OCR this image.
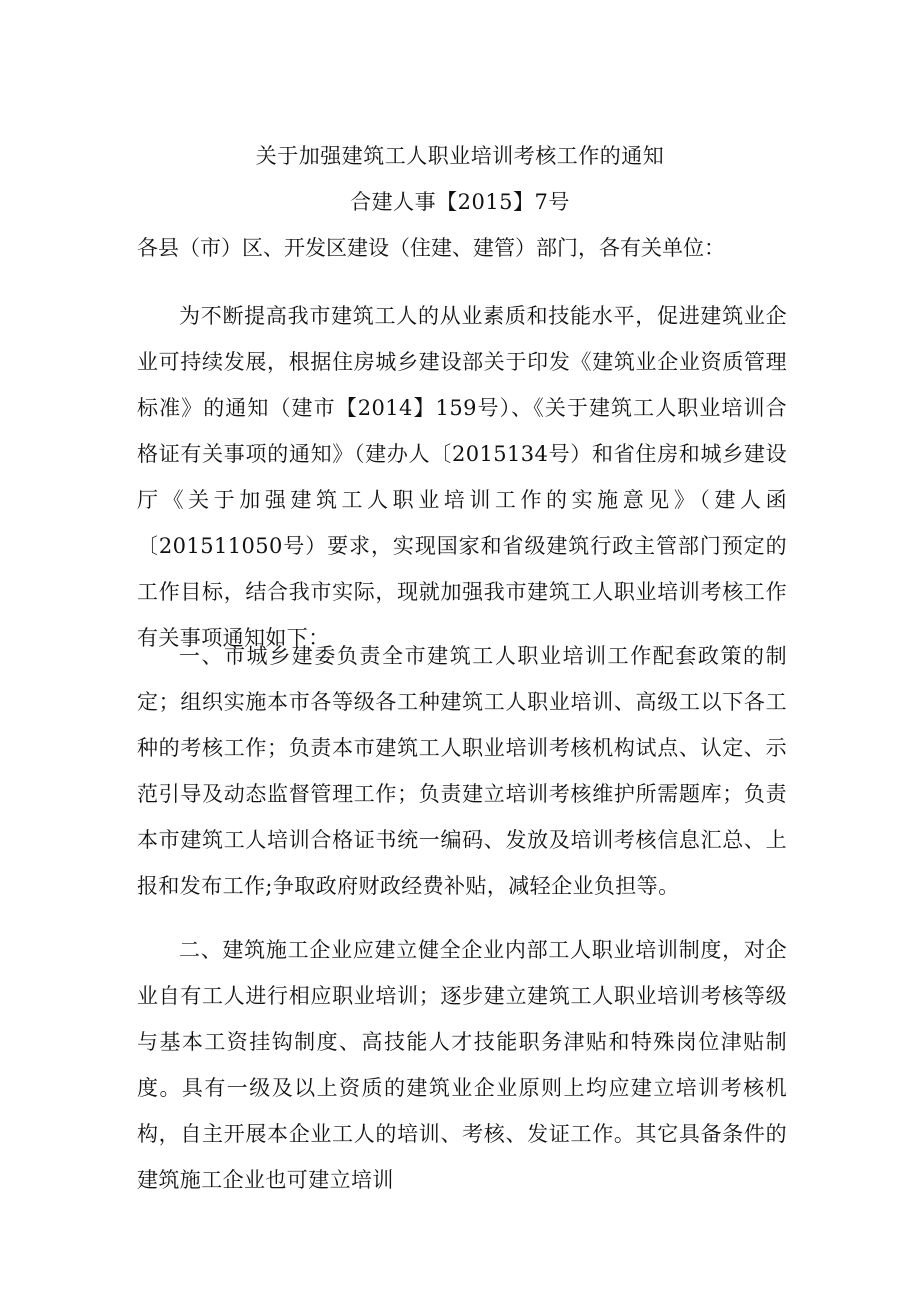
关于加强建筑工人职业培训考核工作的通知
合建人事【2015】7号
各县（市）区、开发区建设（住建、建管）部门，各有关单位：

为不断提高我市建筑工人的从业素质和技能水平，促进建筑业企业可持续发展，根据住房城乡建设部关于印发《建筑业企业资质管理标准》的通知（建市【2014】159号）、《关于建筑工人职业培训合格证有关事项的通知》（建办人〔2015134号）和省住房和城乡建设厅《关于加强建筑工人职业培训工作的实施意见》（建人函〔201511050号）要求，实现国家和省级建筑行政主管部门预定的工作目标，结合我市实际，现就加强我市建筑工人职业培训考核工作有关事项通知如下：

一、市城乡建委负责全市建筑工人职业培训工作配套政策的制定；组织实施本市各等级各工种建筑工人职业培训、高级工以下各工种的考核工作；负责本市建筑工人职业培训考核机构试点、认定、示范引导及动态监督管理工作；负责建立培训考核维护所需题库；负责本市建筑工人培训合格证书统一编码、发放及培训考核信息汇总、上报和发布工作;争取政府财政经费补贴，减轻企业负担等。

二、建筑施工企业应建立健全企业内部工人职业培训制度，对企业自有工人进行相应职业培训；逐步建立建筑工人职业培训考核等级与基本工资挂钩制度、高技能人才技能职务津贴和特殊岗位津贴制度。具有一级及以上资质的建筑业企业原则上均应建立培训考核机构，自主开展本企业工人的培训、考核、发证工作。其它具备条件的建筑施工企业也可建立培训
